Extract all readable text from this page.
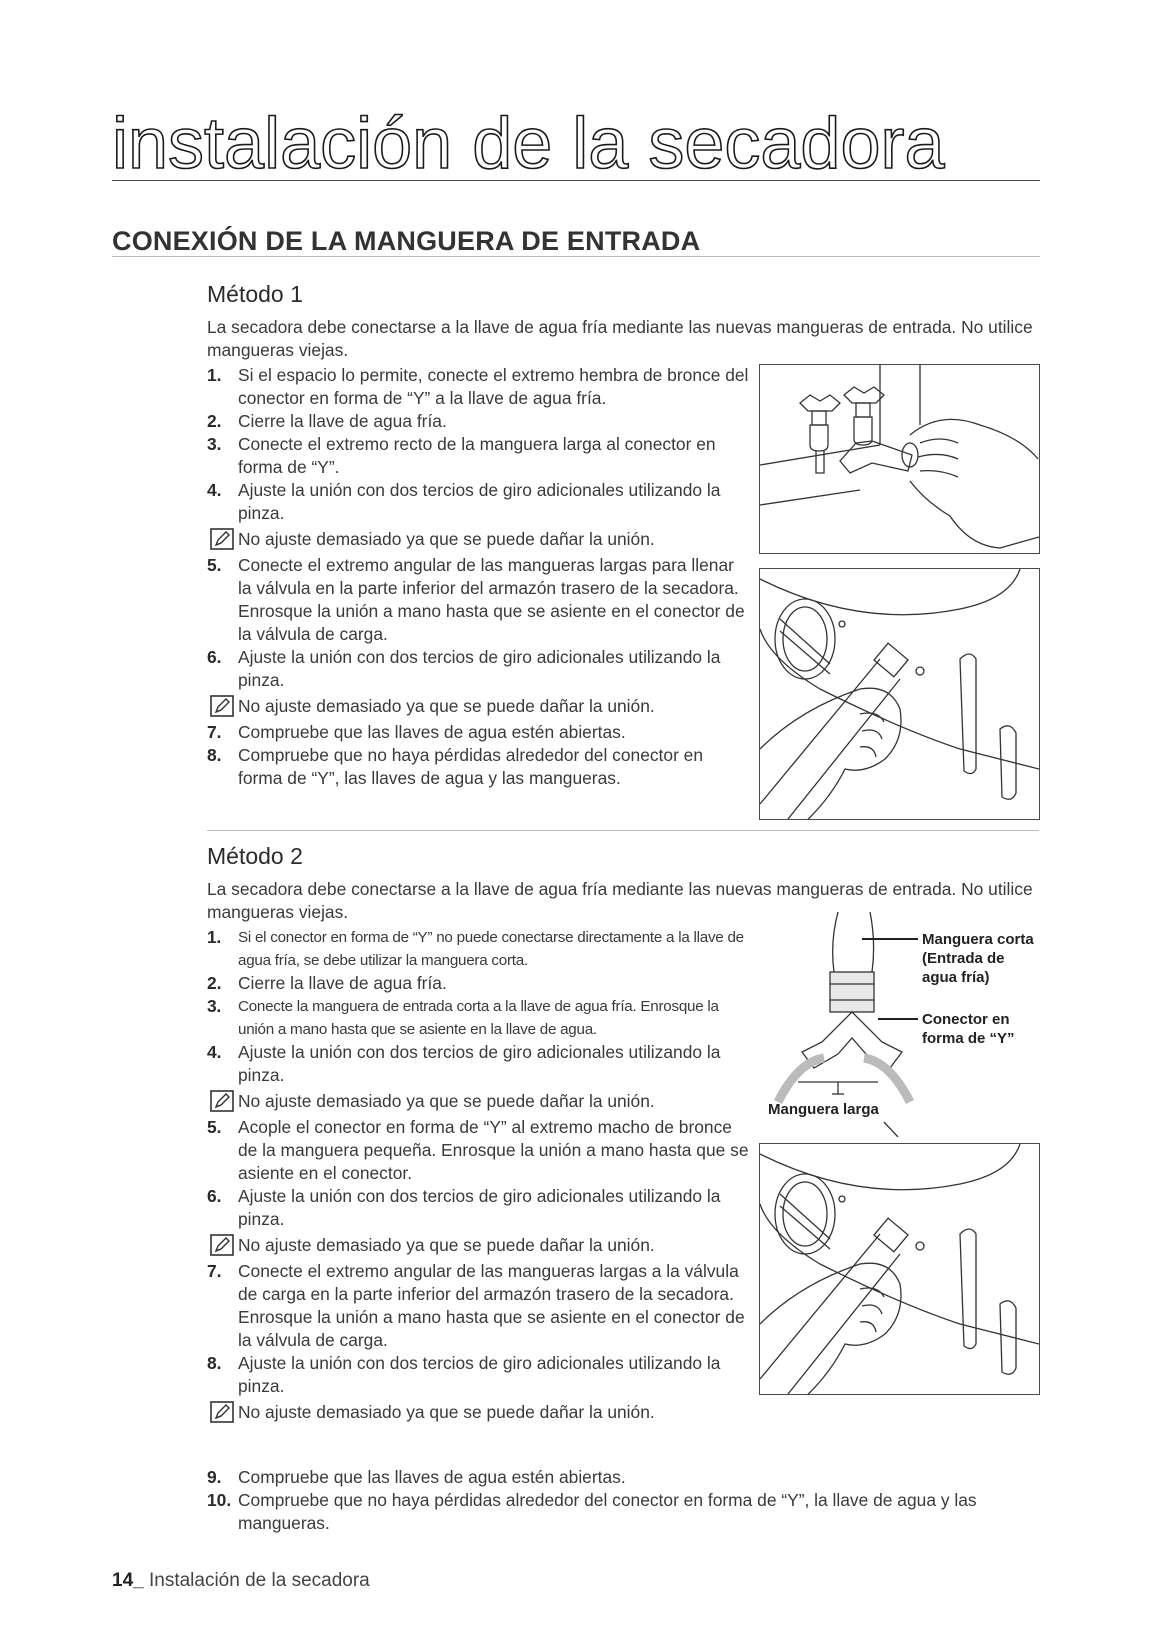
instalación de la secadora
CONEXIÓN DE LA MANGUERA DE ENTRADA
Método 1

La secadora debe conectarse a la llave de agua fría mediante las nuevas mangueras de entrada. No utilice mangueras viejas.

1. Si el espacio lo permite, conecte el extremo hembra de bronce del conector en forma de “Y” a la llave de agua fría.
2. Cierre la llave de agua fría.
3. Conecte el extremo recto de la manguera larga al conector en forma de “Y”.
4. Ajuste la unión con dos tercios de giro adicionales utilizando la pinza.
No ajuste demasiado ya que se puede dañar la unión.
5. Conecte el extremo angular de las mangueras largas para llenar la válvula en la parte inferior del armazón trasero de la secadora. Enrosque la unión a mano hasta que se asiente en el conector de la válvula de carga.
6. Ajuste la unión con dos tercios de giro adicionales utilizando la pinza.
No ajuste demasiado ya que se puede dañar la unión.
7. Compruebe que las llaves de agua estén abiertas.
8. Compruebe que no haya pérdidas alrededor del conector en forma de “Y”, las llaves de agua y las mangueras.
Método 2

La secadora debe conectarse a la llave de agua fría mediante las nuevas mangueras de entrada. No utilice mangueras viejas.

1. Si el conector en forma de “Y” no puede conectarse directamente a la llave de agua fría, se debe utilizar la manguera corta.
2. Cierre la llave de agua fría.
3. Conecte la manguera de entrada corta a la llave de agua fría. Enrosque la unión a mano hasta que se asiente en la llave de agua.
4. Ajuste la unión con dos tercios de giro adicionales utilizando la pinza.
No ajuste demasiado ya que se puede dañar la unión.
5. Acople el conector en forma de “Y” al extremo macho de bronce de la manguera pequeña. Enrosque la unión a mano hasta que se asiente en el conector.
6. Ajuste la unión con dos tercios de giro adicionales utilizando la pinza.
No ajuste demasiado ya que se puede dañar la unión.
7. Conecte el extremo angular de las mangueras largas a la válvula de carga en la parte inferior del armazón trasero de la secadora. Enrosque la unión a mano hasta que se asiente en el conector de la válvula de carga.
8. Ajuste la unión con dos tercios de giro adicionales utilizando la pinza.
No ajuste demasiado ya que se puede dañar la unión.
9. Compruebe que las llaves de agua estén abiertas.
10. Compruebe que no haya pérdidas alrededor del conector en forma de “Y”, la llave de agua y las mangueras.
Manguera corta
(Entrada de agua fría)
Conector en forma de “Y”
Manguera larga
14_ Instalación de la secadora
